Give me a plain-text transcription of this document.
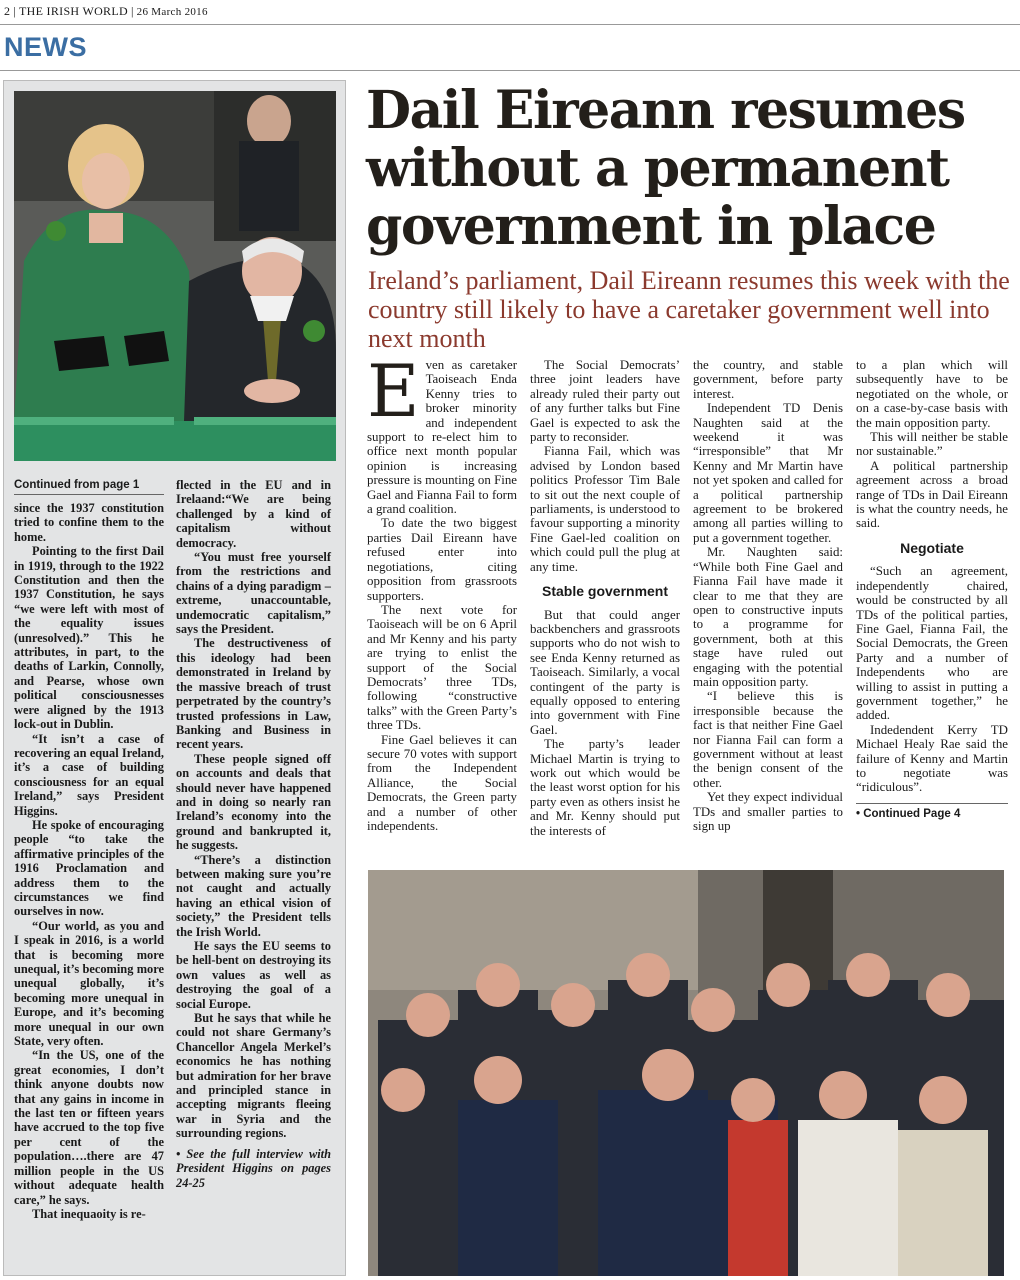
2 | THE IRISH WORLD | 26 March 2016
NEWS
Continued from page 1

since the 1937 constitution tried to confine them to the home.

Pointing to the first Dail in 1919, through to the 1922 Constitution and then the 1937 Constitution, he says “we were left with most of the equality issues (unresolved).” This he attributes, in part, to the deaths of Larkin, Connolly, and Pearse, whose own political consciousnesses were aligned by the 1913 lock-out in Dublin.

“It isn’t a case of recovering an equal Ireland, it’s a case of building consciousness for an equal Ireland,” says President Higgins.

He spoke of encouraging people “to take the affirmative principles of the 1916 Proclamation and address them to the circumstances we find ourselves in now.

“Our world, as you and I speak in 2016, is a world that is becoming more unequal, it’s becoming more unequal globally, it’s becoming more unequal in Europe, and it’s becoming more unequal in our own State, very often.

“In the US, one of the great economies, I don’t think anyone doubts now that any gains in income in the last ten or fifteen years have accrued to the top five per cent of the population….there are 47 million people in the US without adequate health care,” he says.

That inequaoity is re-

flected in the EU and in Irelaand:“We are being challenged by a kind of capitalism without democracy.

“You must free yourself from the restrictions and chains of a dying paradigm – extreme, unaccountable, undemocratic capitalism,” says the President.

The destructiveness of this ideology had been demonstrated in Ireland by the massive breach of trust perpetrated by the country’s trusted professions in Law, Banking and Business in recent years.

These people signed off on accounts and deals that should never have happened and in doing so nearly ran Ireland’s economy into the ground and bankrupted it, he suggests.

“There’s a distinction between making sure you’re not caught and actually having an ethical vision of society,” the President tells the Irish World.

He says the EU seems to be hell-bent on destroying its own values as well as destroying the goal of a social Europe.

But he says that while he could not share Germany’s Chancellor Angela Merkel’s economics he has nothing but admiration for her brave and principled stance in accepting migrants fleeing war in Syria and the surrounding regions.

• See the full interview with President Higgins on pages 24-25

Dail Eireann resumes without a permanent government in place
Ireland’s parliament, Dail Eireann resumes this week with the country still likely to have a caretaker government well into next month

Even as caretaker Taoiseach Enda Kenny tries to broker minority and independent support to re-elect him to office next month popular opinion is increasing pressure is mounting on Fine Gael and Fianna Fail to form a grand coalition.

To date the two biggest parties Dail Eireann have refused enter into negotiations, citing opposition from grassroots supporters.

The next vote for Taoiseach will be on 6 April and Mr Kenny and his party are trying to enlist the support of the Social Democrats’ three TDs, following “constructive talks” with the Green Party’s three TDs.

Fine Gael believes it can secure 70 votes with support from the Independent Alliance, the Social Democrats, the Green party and a number of other independents.

The Social Democrats’ three joint leaders have already ruled their party out of any further talks but Fine Gael is expected to ask the party to reconsider.

Fianna Fail, which was advised by London based politics Professor Tim Bale to sit out the next couple of parliaments, is understood to favour supporting a minority Fine Gael-led coalition on which could pull the plug at any time.

Stable government

But that could anger backbenchers and grassroots supports who do not wish to see Enda Kenny returned as Taoiseach. Similarly, a vocal contingent of the party is equally opposed to entering into government with Fine Gael.

The party’s leader Michael Martin is trying to work out which would be the least worst option for his party even as others insist he and Mr. Kenny should put the interests of

the country, and stable government, before party interest.

Independent TD Denis Naughten said at the weekend it was “irresponsible” that Mr Kenny and Mr Martin have not yet spoken and called for a political partnership agreement to be brokered among all parties willing to put a government together.

Mr. Naughten said: “While both Fine Gael and Fianna Fail have made it clear to me that they are open to constructive inputs to a programme for government, both at this stage have ruled out engaging with the potential main opposition party.

“I believe this is irresponsible because the fact is that neither Fine Gael nor Fianna Fail can form a government without at least the benign consent of the other.

Yet they expect individual TDs and smaller parties to sign up

to a plan which will subsequently have to be negotiated on the whole, or on a case-by-case basis with the main opposition party.

This will neither be stable nor sustainable.”

A political partnership agreement across a broad range of TDs in Dail Eireann is what the country needs, he said.

Negotiate

“Such an agreement, independently chaired, would be constructed by all TDs of the political parties, Fine Gael, Fianna Fail, the Social Democrats, the Green Party and a number of Independents who are willing to assist in putting a government together,” he added.

Indedendent Kerry TD Michael Healy Rae said the failure of Kenny and Martin to negotiate was “ridiculous”.

• Continued Page 4
